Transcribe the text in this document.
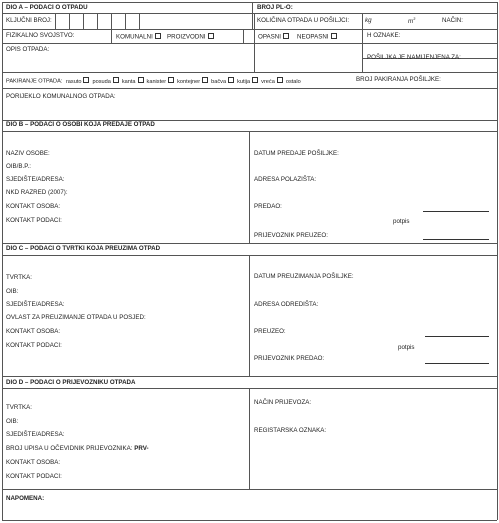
DIO A – PODACI O OTPADU	BROJ PL-O:
KLJUČNI BROJ:	KOLIČINA OTPADA U POŠILJCI:	kg	$m^3$	NAČIN:
FIZIKALNO SVOJSTVO:	KOMUNALNI	PROIZVODNI	OPASNI	NEOPASNI	H OZNAKE:
OPIS OTPADA:
POŠILJKA JE NAMIJENJENA ZA:
PAKIRANJE OTPADA: rasuto posuda kanta kanister kontejner bačva kutija vreća ostalo	BROJ PAKIRANJA POŠILJKE:
PORIJEKLO KOMUNALNOG OTPADA:
DIO B – PODACI O OSOBI KOJA PREDAJE OTPAD
NAZIV OSOBE:
OIB/B.P.:
SJEDIŠTE/ADRESA:
NKD RAZRED (2007):
KONTAKT OSOBA:
KONTAKT PODACI:
DATUM PREDAJE POŠILJKE:
ADRESA POLAZIŠTA:
PREDAO:
potpis
PRIJEVOZNIK PREUZEO:
DIO C – PODACI O TVRTKI KOJA PREUZIMA OTPAD
TVRTKA:
OIB:
SJEDIŠTE/ADRESA:
OVLAST ZA PREUZIMANJE OTPADA U POSJED:
KONTAKT OSOBA:
KONTAKT PODACI:
DATUM PREUZIMANJA POŠILJKE:
ADRESA ODREDIŠTA:
PREUZEO:
potpis
PRIJEVOZNIK PREDAO:
DIO D – PODACI O PRIJEVOZNIKU OTPADA
TVRTKA:
OIB:
SJEDIŠTE/ADRESA:
BROJ UPISA U OČEVIDNIK PRIJEVOZNIKA: PRV-
KONTAKT OSOBA:
KONTAKT PODACI:
NAČIN PRIJEVOZA:
REGISTARSKA OZNAKA:
NAPOMENA:
